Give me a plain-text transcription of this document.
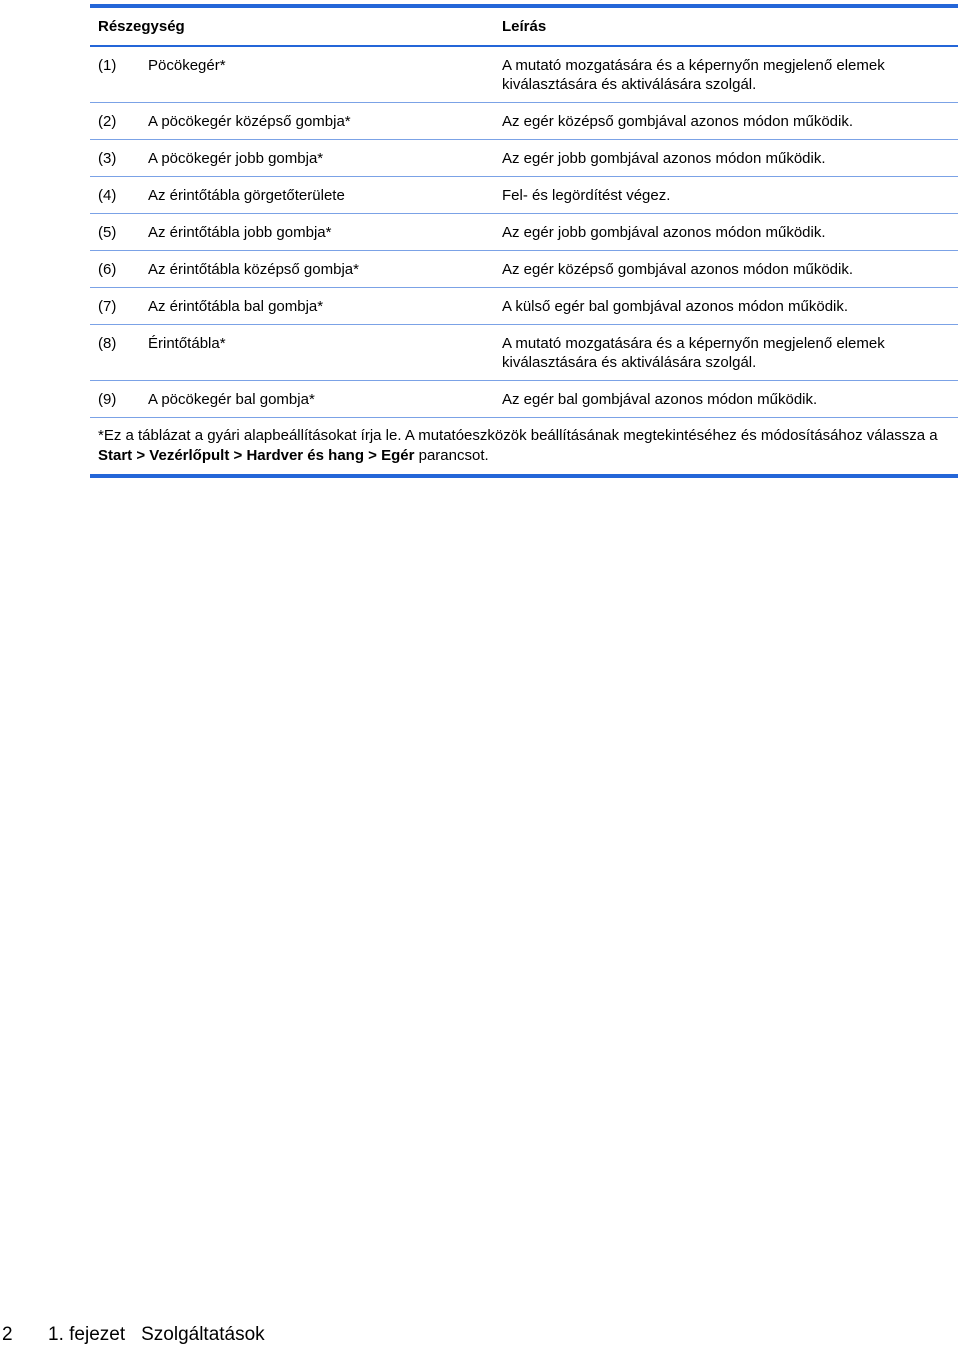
Részegység	Leírás
(1)	Pöcökegér*	A mutató mozgatására és a képernyőn megjelenő elemek kiválasztására és aktiválására szolgál.
(2)	A pöcökegér középső gombja*	Az egér középső gombjával azonos módon működik.
(3)	A pöcökegér jobb gombja*	Az egér jobb gombjával azonos módon működik.
(4)	Az érintőtábla görgetőterülete	Fel- és legördítést végez.
(5)	Az érintőtábla jobb gombja*	Az egér jobb gombjával azonos módon működik.
(6)	Az érintőtábla középső gombja*	Az egér középső gombjával azonos módon működik.
(7)	Az érintőtábla bal gombja*	A külső egér bal gombjával azonos módon működik.
(8)	Érintőtábla*	A mutató mozgatására és a képernyőn megjelenő elemek kiválasztására és aktiválására szolgál.
(9)	A pöcökegér bal gombja*	Az egér bal gombjával azonos módon működik.
*Ez a táblázat a gyári alapbeállításokat írja le. A mutatóeszközök beállításának megtekintéséhez és módosításához válassza a Start > Vezérlőpult > Hardver és hang > Egér parancsot.
2 1. fejezet Szolgáltatások
